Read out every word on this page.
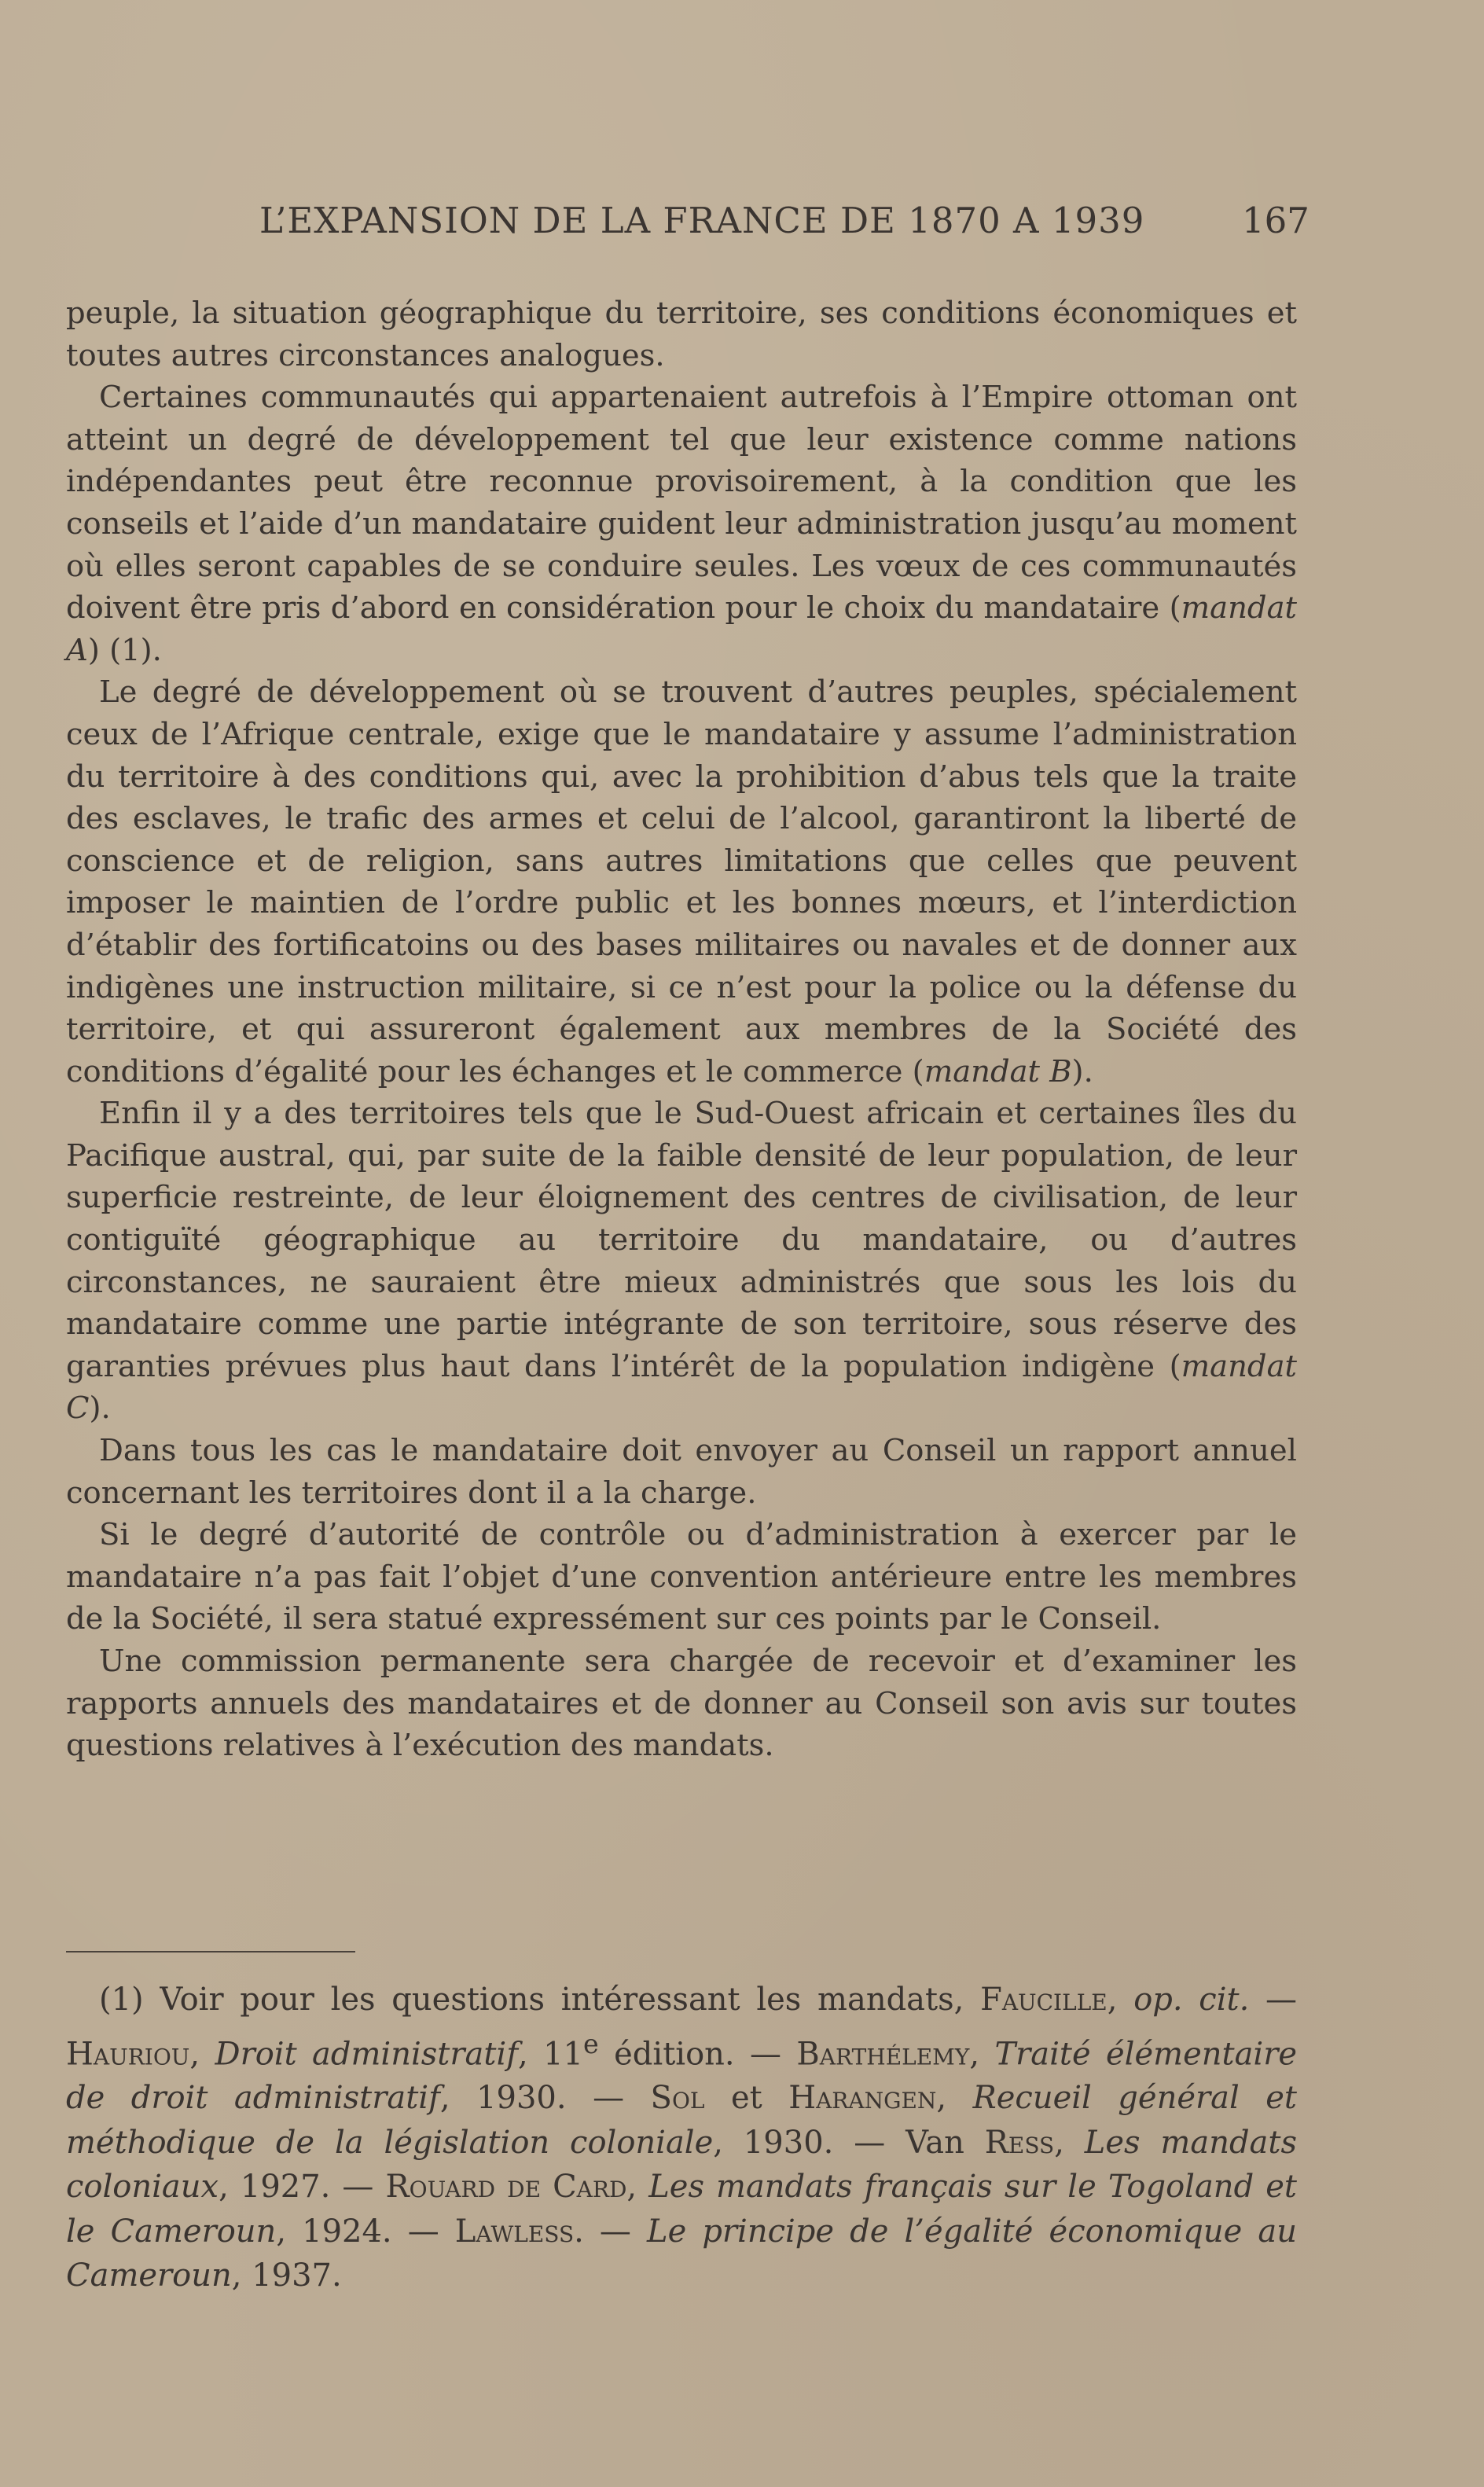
L’EXPANSION DE LA FRANCE DE 1870 A 1939	167

peuple, la situation géographique du territoire, ses conditions économiques et toutes autres circonstances analogues.

Certaines communautés qui appartenaient autrefois à l’Empire ottoman ont atteint un degré de développement tel que leur existence comme nations indépendantes peut être reconnue provisoirement, à la condition que les conseils et l’aide d’un mandataire guident leur administration jusqu’au moment où elles seront capables de se conduire seules. Les vœux de ces communautés doivent être pris d’abord en considération pour le choix du mandataire (mandat A) (1).

Le degré de développement où se trouvent d’autres peuples, spécialement ceux de l’Afrique centrale, exige que le mandataire y assume l’administration du territoire à des conditions qui, avec la prohibition d’abus tels que la traite des esclaves, le trafic des armes et celui de l’alcool, garantiront la liberté de conscience et de religion, sans autres limitations que celles que peuvent imposer le maintien de l’ordre public et les bonnes mœurs, et l’interdiction d’établir des fortificatoins ou des bases militaires ou navales et de donner aux indigènes une instruction militaire, si ce n’est pour la police ou la défense du territoire, et qui assureront également aux membres de la Société des conditions d’égalité pour les échanges et le commerce (mandat B).

Enfin il y a des territoires tels que le Sud-Ouest africain et certaines îles du Pacifique austral, qui, par suite de la faible densité de leur population, de leur superficie restreinte, de leur éloignement des centres de civilisation, de leur contiguïté géographique au territoire du mandataire, ou d’autres circonstances, ne sauraient être mieux administrés que sous les lois du mandataire comme une partie intégrante de son territoire, sous réserve des garanties prévues plus haut dans l’intérêt de la population indigène (mandat C).

Dans tous les cas le mandataire doit envoyer au Conseil un rapport annuel concernant les territoires dont il a la charge.

Si le degré d’autorité de contrôle ou d’administration à exercer par le mandataire n’a pas fait l’objet d’une convention antérieure entre les membres de la Société, il sera statué expressément sur ces points par le Conseil.

Une commission permanente sera chargée de recevoir et d’examiner les rapports annuels des mandataires et de donner au Conseil son avis sur toutes questions relatives à l’exécution des mandats.

(1) Voir pour les questions intéressant les mandats, Faucille, op. cit. — Hauriou, Droit administratif, 11e édition. — Barthélemy, Traité élémentaire de droit administratif, 1930. — Sol et Harangen, Recueil général et méthodique de la législation coloniale, 1930. — Van Ress, Les mandats coloniaux, 1927. — Rouard de Card, Les mandats français sur le Togoland et le Cameroun, 1924. — Lawless. — Le principe de l’égalité économique au Cameroun, 1937.
